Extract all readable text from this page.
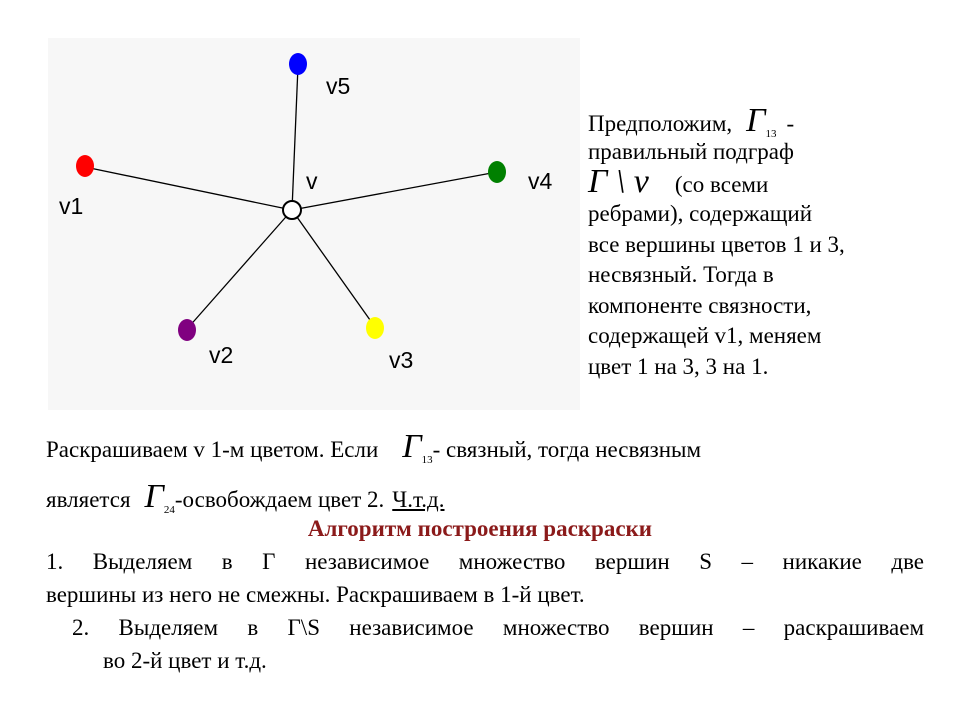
v
v5
v1
v4
v2	v3
Предположим, $Г_{13}$ -
правильный подграф
Г \ v (со всеми
ребрами), содержащий
все вершины цветов 1 и 3,
несвязный. Тогда в
компоненте связности,
содержащей v1, меняем
цвет 1 на 3, 3 на 1.
Раскрашиваем v 1-м цветом. Если $Г_{13}-$ связный, тогда несвязным
является $Г_{24}$-освобождаем цвет 2. Ч.т.д.
Алгоритм построения раскраски
1. Выделяем в Г независимое множество вершин S – никакие две
вершины из него не смежны. Раскрашиваем в 1-й цвет.
2. Выделяем в Г\S независимое множество вершин – раскрашиваем
во 2-й цвет и т.д.
